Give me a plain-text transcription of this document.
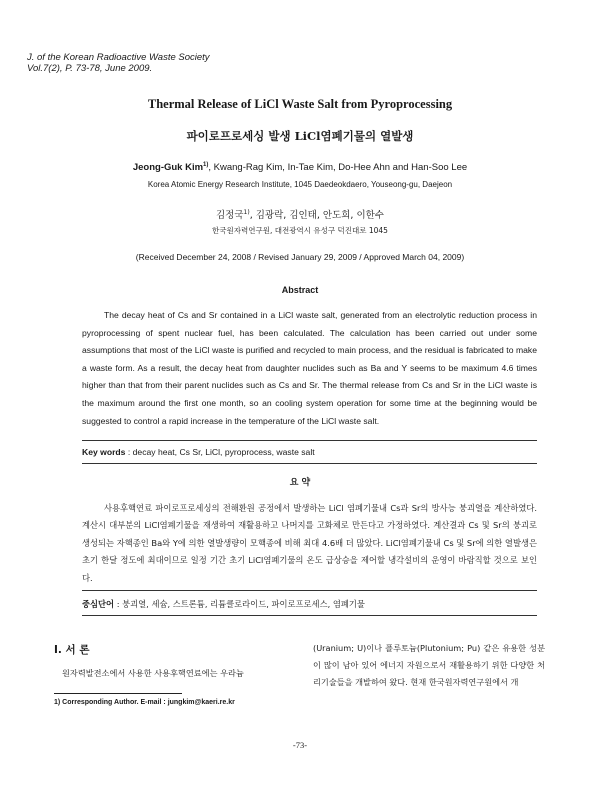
J. of the Korean Radioactive Waste Society
Vol.7(2), P. 73-78, June 2009.
Thermal Release of LiCl Waste Salt from Pyroprocessing
파이로프로세싱 발생 LiCl염폐기물의 열발생
Jeong-Guk Kim$^{1)}$, Kwang-Rag Kim, In-Tae Kim, Do-Hee Ahn and Han-Soo Lee
Korea Atomic Energy Research Institute, 1045 Daedeokdaero, Youseong-gu, Daejeon
김정국$^{1)}$, 김광락, 김인태, 안도희, 이한수
한국원자력연구원, 대전광역시 유성구 덕진대로 1045
(Received December 24, 2008 / Revised January 29, 2009 / Approved March 04, 2009)
Abstract

The decay heat of Cs and Sr contained in a LiCl waste salt, generated from an electrolytic reduction process in pyroprocessing of spent nuclear fuel, has been calculated. The calculation has been carried out under some assumptions that most of the LiCl waste is purified and recycled to main process, and the residual is fabricated to make a waste form. As a result, the decay heat from daughter nuclides such as Ba and Y seems to be maximum 4.6 times higher than that from their parent nuclides such as Cs and Sr. The thermal release from Cs and Sr in the LiCl waste is the maximum around the first one month, so an cooling system operation for some time at the beginning would be suggested to control a rapid increase in the temperature of the LiCl waste salt.

Key words : decay heat, Cs Sr, LiCl, pyroprocess, waste salt
요 약

사용후핵연료 파이로프로세싱의 전해환원 공정에서 발생하는 LiCl 염폐기물내 Cs과 Sr의 방사능 붕괴열을 계산하였다. 계산시 대부분의 LiCl염폐기물을 재생하여 재활용하고 나머지를 고화체로 만든다고 가정하였다. 계산결과 Cs 및 Sr의 붕괴로 생성되는 자핵종인 Ba와 Y에 의한 열발생량이 모핵종에 비해 최대 4.6배 더 많았다. LiCl염폐기물내 Cs 및 Sr에 의한 열발생은 초기 한달 정도에 최대이므로 일정 기간 초기 LiCl염폐기물의 온도 급상승을 제어할 냉각설비의 운영이 바람직할 것으로 보인다.

중심단어 : 붕괴열, 세슘, 스트론튬, 리튬클로라이드, 파이로프로세스, 염폐기물
I. 서 론
원자력발전소에서 사용한 사용후핵연료에는 우라늄

(Uranium; U)이나 플루토늄(Plutonium; Pu) 같은 유용한 성분이 많이 남아 있어 에너지 자원으로서 재활용하기 위한 다양한 처리기술들을 개발하여 왔다. 현재 한국원자력연구원에서 개

1) Corresponding Author. E-mail : jungkim@kaeri.re.kr
-73-
